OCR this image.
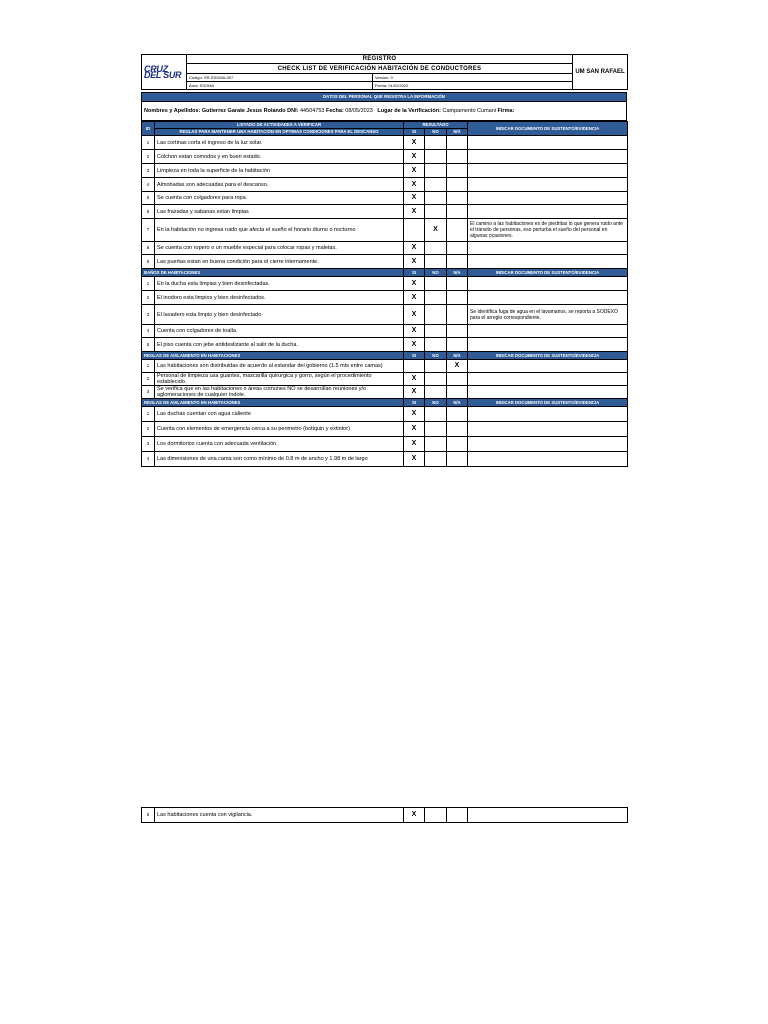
CRUZ DEL SUR	REGISTRO		UM SAN RAFAEL
	CHECK LIST DE VERIFICACIÓN HABITACIÓN DE CONDUCTORES		
	Código: SR-SSOMA-007	Versión: 0	
	Área: SSOMA	Fecha: 01/02/2022	
DATOS DEL PERSONAL QUE REGISTRA LA INFORMACIÓN
Nombres y Apellidos: Gutierrez Garate Jesus Rolando DNI: 44504753 Fecha: 08/05/2023 Lugar de la Verificación: Campamento Cumani Firma:
ID	LISTADO DE ACTIVIDADES A VERIFICAR	RESULTADO			INDICAR DOCUMENTO DE SUSTENTO/EVIDENCIA
	REGLAS PARA MANTENER UNA HABITACIÓN EN OPTIMAS CONDICIONES PARA EL DESCANSO	SI	NO	N/A	
1	Las cortinas corta el ingreso de la luz solar.	X			
2	Colchon estan comodos y en buen estado.	X			
3	Limpieza en toda la superficie de la habitación	X			
4	Almohadas son adecuadas para el descanso.	X			
5	Se cuenta con colgadores para ropa.	X			
6	Las frazadas y sabanas estan limpias	X			
7	En la habitación no ingresa ruido que afecta el sueño el horario diurno o nocturno		X		El camino a las habitaciones es de piedritas lo que genera ruido ante el tránsito de personas, eso perturba el sueño del personal en algunas ocasiones.
8	Se cuenta con ropero o un mueble especial para colocar ropas y maletas.	X			
9	Las puertas estan en buena condición para el cierre internamente.	X			
BAÑOS DE HABITACIONES		SI	NO	N/A	INDICAR DOCUMENTO DE SUSTENTO/EVIDENCIA
1	En la ducha esta limpias y bien desinfectadas.	X			
2	El inodoro esta limpios y bien desinfectados.	X			
3	El lavadero esta limpio y bien desinfectado	X			Se identifica fuga de agua en el lavamanos, se reporta a SODEXO para el arreglo correspondiente.
4	Cuenta con colgadores de toalla.	X			
5	El piso cuenta con jebe antideslizante al salir de la ducha.	X			
REGLAS DE AISLAMIENTO EN HABITACIONES		SI	NO	N/A	INDICAR DOCUMENTO DE SUSTENTO/EVIDENCIA
1	Las habitaciones son distribuidas de acuerdo al estandar del gobierno (1.5 mts entre camas)			X	
2	Personal de limpieza usa guantes, mascarilla quirurgica y gorro, según el procedimiento establecido.	X			
3	Se verifica que en las habitaciones o áreas comunes NO se desarrollan reuniones y/o aglomeraciones de cualquier índole.	X			
REGLAS DE AISLAMIENTO EN HABITACIONES		SI	NO	N/A	INDICAR DOCUMENTO DE SUSTENTO/EVIDENCIA
1	Las duchas cuentan con agua caliente	X			
2	Cuenta con elementos de emergencia cerca a su perimetro (botiquin y extintor)	X			
3	Los dormitorios cuenta con adecuada ventilación.	X			
4	Las dimensiones de una cama son como mínimo de 0.8 m de ancho y 1.98 m de largo	X			
5	Las habitaciones cuenta con vigilancia.	X			
